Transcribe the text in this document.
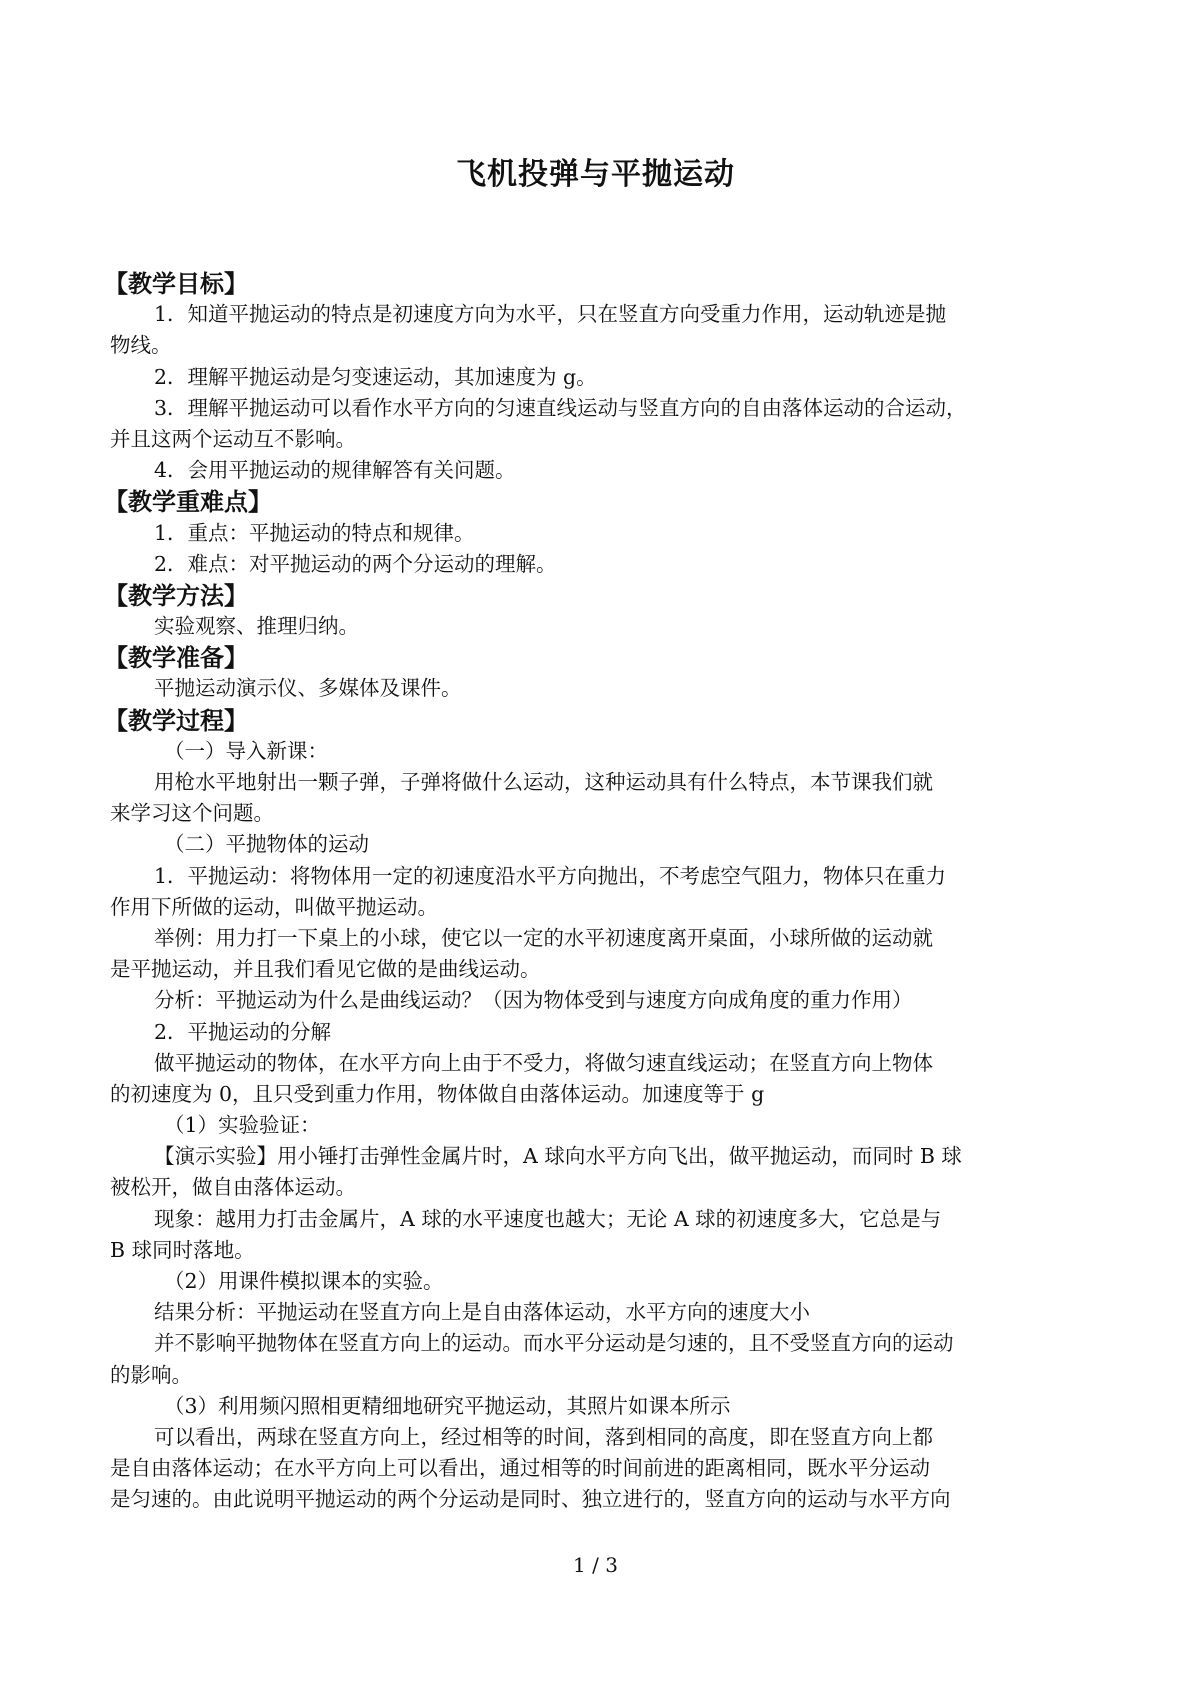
飞机投弹与平抛运动
【教学目标】
1．知道平抛运动的特点是初速度方向为水平，只在竖直方向受重力作用，运动轨迹是抛
物线。
2．理解平抛运动是匀变速运动，其加速度为 g。
3．理解平抛运动可以看作水平方向的匀速直线运动与竖直方向的自由落体运动的合运动，
并且这两个运动互不影响。
4．会用平抛运动的规律解答有关问题。
【教学重难点】
1．重点：平抛运动的特点和规律。
2．难点：对平抛运动的两个分运动的理解。
【教学方法】
实验观察、推理归纳。
【教学准备】
平抛运动演示仪、多媒体及课件。
【教学过程】
（一）导入新课：
用枪水平地射出一颗子弹，子弹将做什么运动，这种运动具有什么特点，本节课我们就
来学习这个问题。
（二）平抛物体的运动
1．平抛运动：将物体用一定的初速度沿水平方向抛出，不考虑空气阻力，物体只在重力
作用下所做的运动，叫做平抛运动。
举例：用力打一下桌上的小球，使它以一定的水平初速度离开桌面，小球所做的运动就
是平抛运动，并且我们看见它做的是曲线运动。
分析：平抛运动为什么是曲线运动？（因为物体受到与速度方向成角度的重力作用）
2．平抛运动的分解
做平抛运动的物体，在水平方向上由于不受力，将做匀速直线运动；在竖直方向上物体
的初速度为 0，且只受到重力作用，物体做自由落体运动。加速度等于 g
（1）实验验证：
【演示实验】用小锤打击弹性金属片时，A 球向水平方向飞出，做平抛运动，而同时 B 球
被松开，做自由落体运动。
现象：越用力打击金属片，A 球的水平速度也越大；无论 A 球的初速度多大，它总是与
B 球同时落地。
（2）用课件模拟课本的实验。
结果分析：平抛运动在竖直方向上是自由落体运动，水平方向的速度大小
并不影响平抛物体在竖直方向上的运动。而水平分运动是匀速的，且不受竖直方向的运动
的影响。
（3）利用频闪照相更精细地研究平抛运动，其照片如课本所示
可以看出，两球在竖直方向上，经过相等的时间，落到相同的高度，即在竖直方向上都
是自由落体运动；在水平方向上可以看出，通过相等的时间前进的距离相同，既水平分运动
是匀速的。由此说明平抛运动的两个分运动是同时、独立进行的，竖直方向的运动与水平方向
1 / 3
